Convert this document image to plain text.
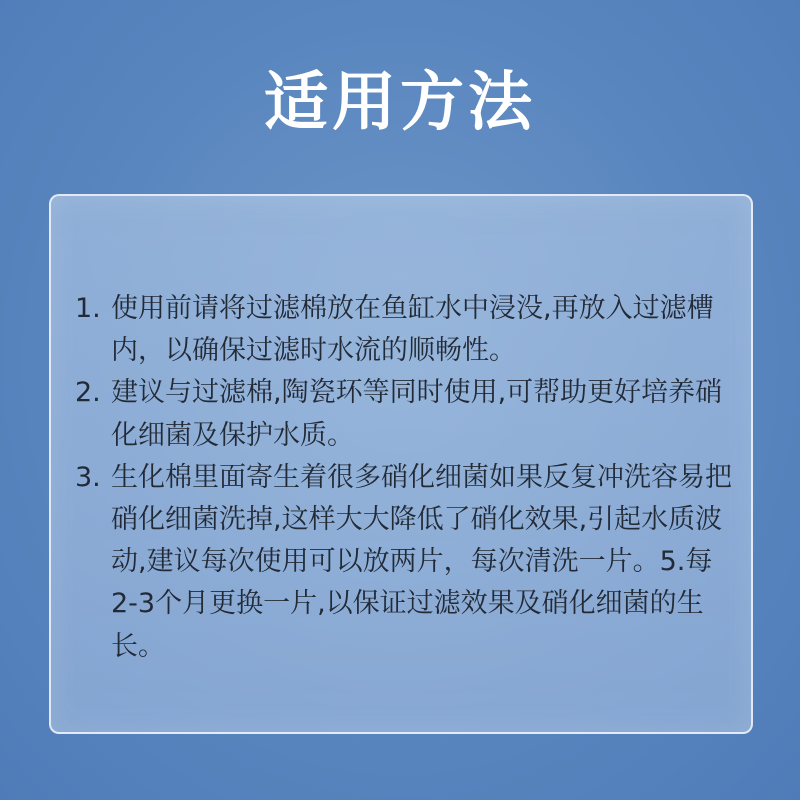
适用方法
1. 使用前请将过滤棉放在鱼缸水中浸没,再放入过滤槽内，以确保过滤时水流的顺畅性。
2. 建议与过滤棉,陶瓷环等同时使用,可帮助更好培养硝化细菌及保护水质。
3. 生化棉里面寄生着很多硝化细菌如果反复冲洗容易把硝化细菌洗掉,这样大大降低了硝化效果,引起水质波动,建议每次使用可以放两片，每次清洗一片。5.每2-3个月更换一片,以保证过滤效果及硝化细菌的生长。
